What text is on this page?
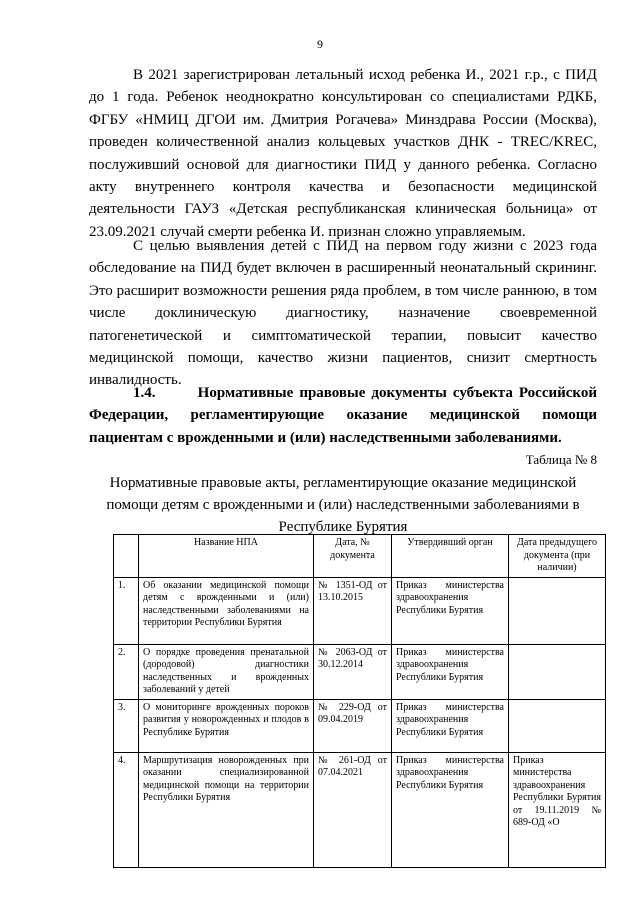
9

В 2021 зарегистрирован летальный исход ребенка И., 2021 г.р., с ПИД до 1 года. Ребенок неоднократно консультирован со специалистами РДКБ, ФГБУ «НМИЦ ДГОИ им. Дмитрия Рогачева» Минздрава России (Москва), проведен количественной анализ кольцевых участков ДНК - TREC/KREC, послуживший основой для диагностики ПИД у данного ребенка. Согласно акту внутреннего контроля качества и безопасности медицинской деятельности ГАУЗ «Детская республиканская клиническая больница» от 23.09.2021 случай смерти ребенка И. признан сложно управляемым.

С целью выявления детей с ПИД на первом году жизни с 2023 года обследование на ПИД будет включен в расширенный неонатальный скрининг. Это расширит возможности решения ряда проблем, в том числе раннюю, в том числе доклиническую диагностику, назначение своевременной патогенетической и симптоматической терапии, повысит качество медицинской помощи, качество жизни пациентов, снизит смертность инвалидность.

1.4.	Нормативные правовые документы субъекта Российской Федерации, регламентирующие оказание медицинской помощи пациентам с врожденными и (или) наследственными заболеваниями.

Таблица № 8

Нормативные правовые акты, регламентирующие оказание медицинской помощи детям с врожденными и (или) наследственными заболеваниями в Республике Бурятия

	Название НПА	Дата, № документа	Утвердивший орган	Дата предыдущего документа (при наличии)
1.	Об оказании медицинской помощи детям с врожденными и (или) наследственными заболеваниями на территории Республики Бурятия	№ 1351-ОД от 13.10.2015	Приказ министерства здравоохранения Республики Бурятия	
2.	О порядке проведения пренатальной (дородовой) диагностики наследственных и врожденных заболеваний у детей	№ 2063-ОД от 30.12.2014	Приказ министерства здравоохранения Республики Бурятия	
3.	О мониторинге врожденных пороков развития у новорожденных и плодов в Республике Бурятия	№ 229-ОД от 09.04.2019	Приказ министерства здравоохранения Республики Бурятия	
4.	Маршрутизация новорожденных при оказании специализированной медицинской помощи на территории Республики Бурятия	№ 261-ОД от 07.04.2021	Приказ министерства здравоохранения Республики Бурятия	Приказ министерства здравоохранения Республики Бурятия от 19.11.2019 № 689-ОД «О
